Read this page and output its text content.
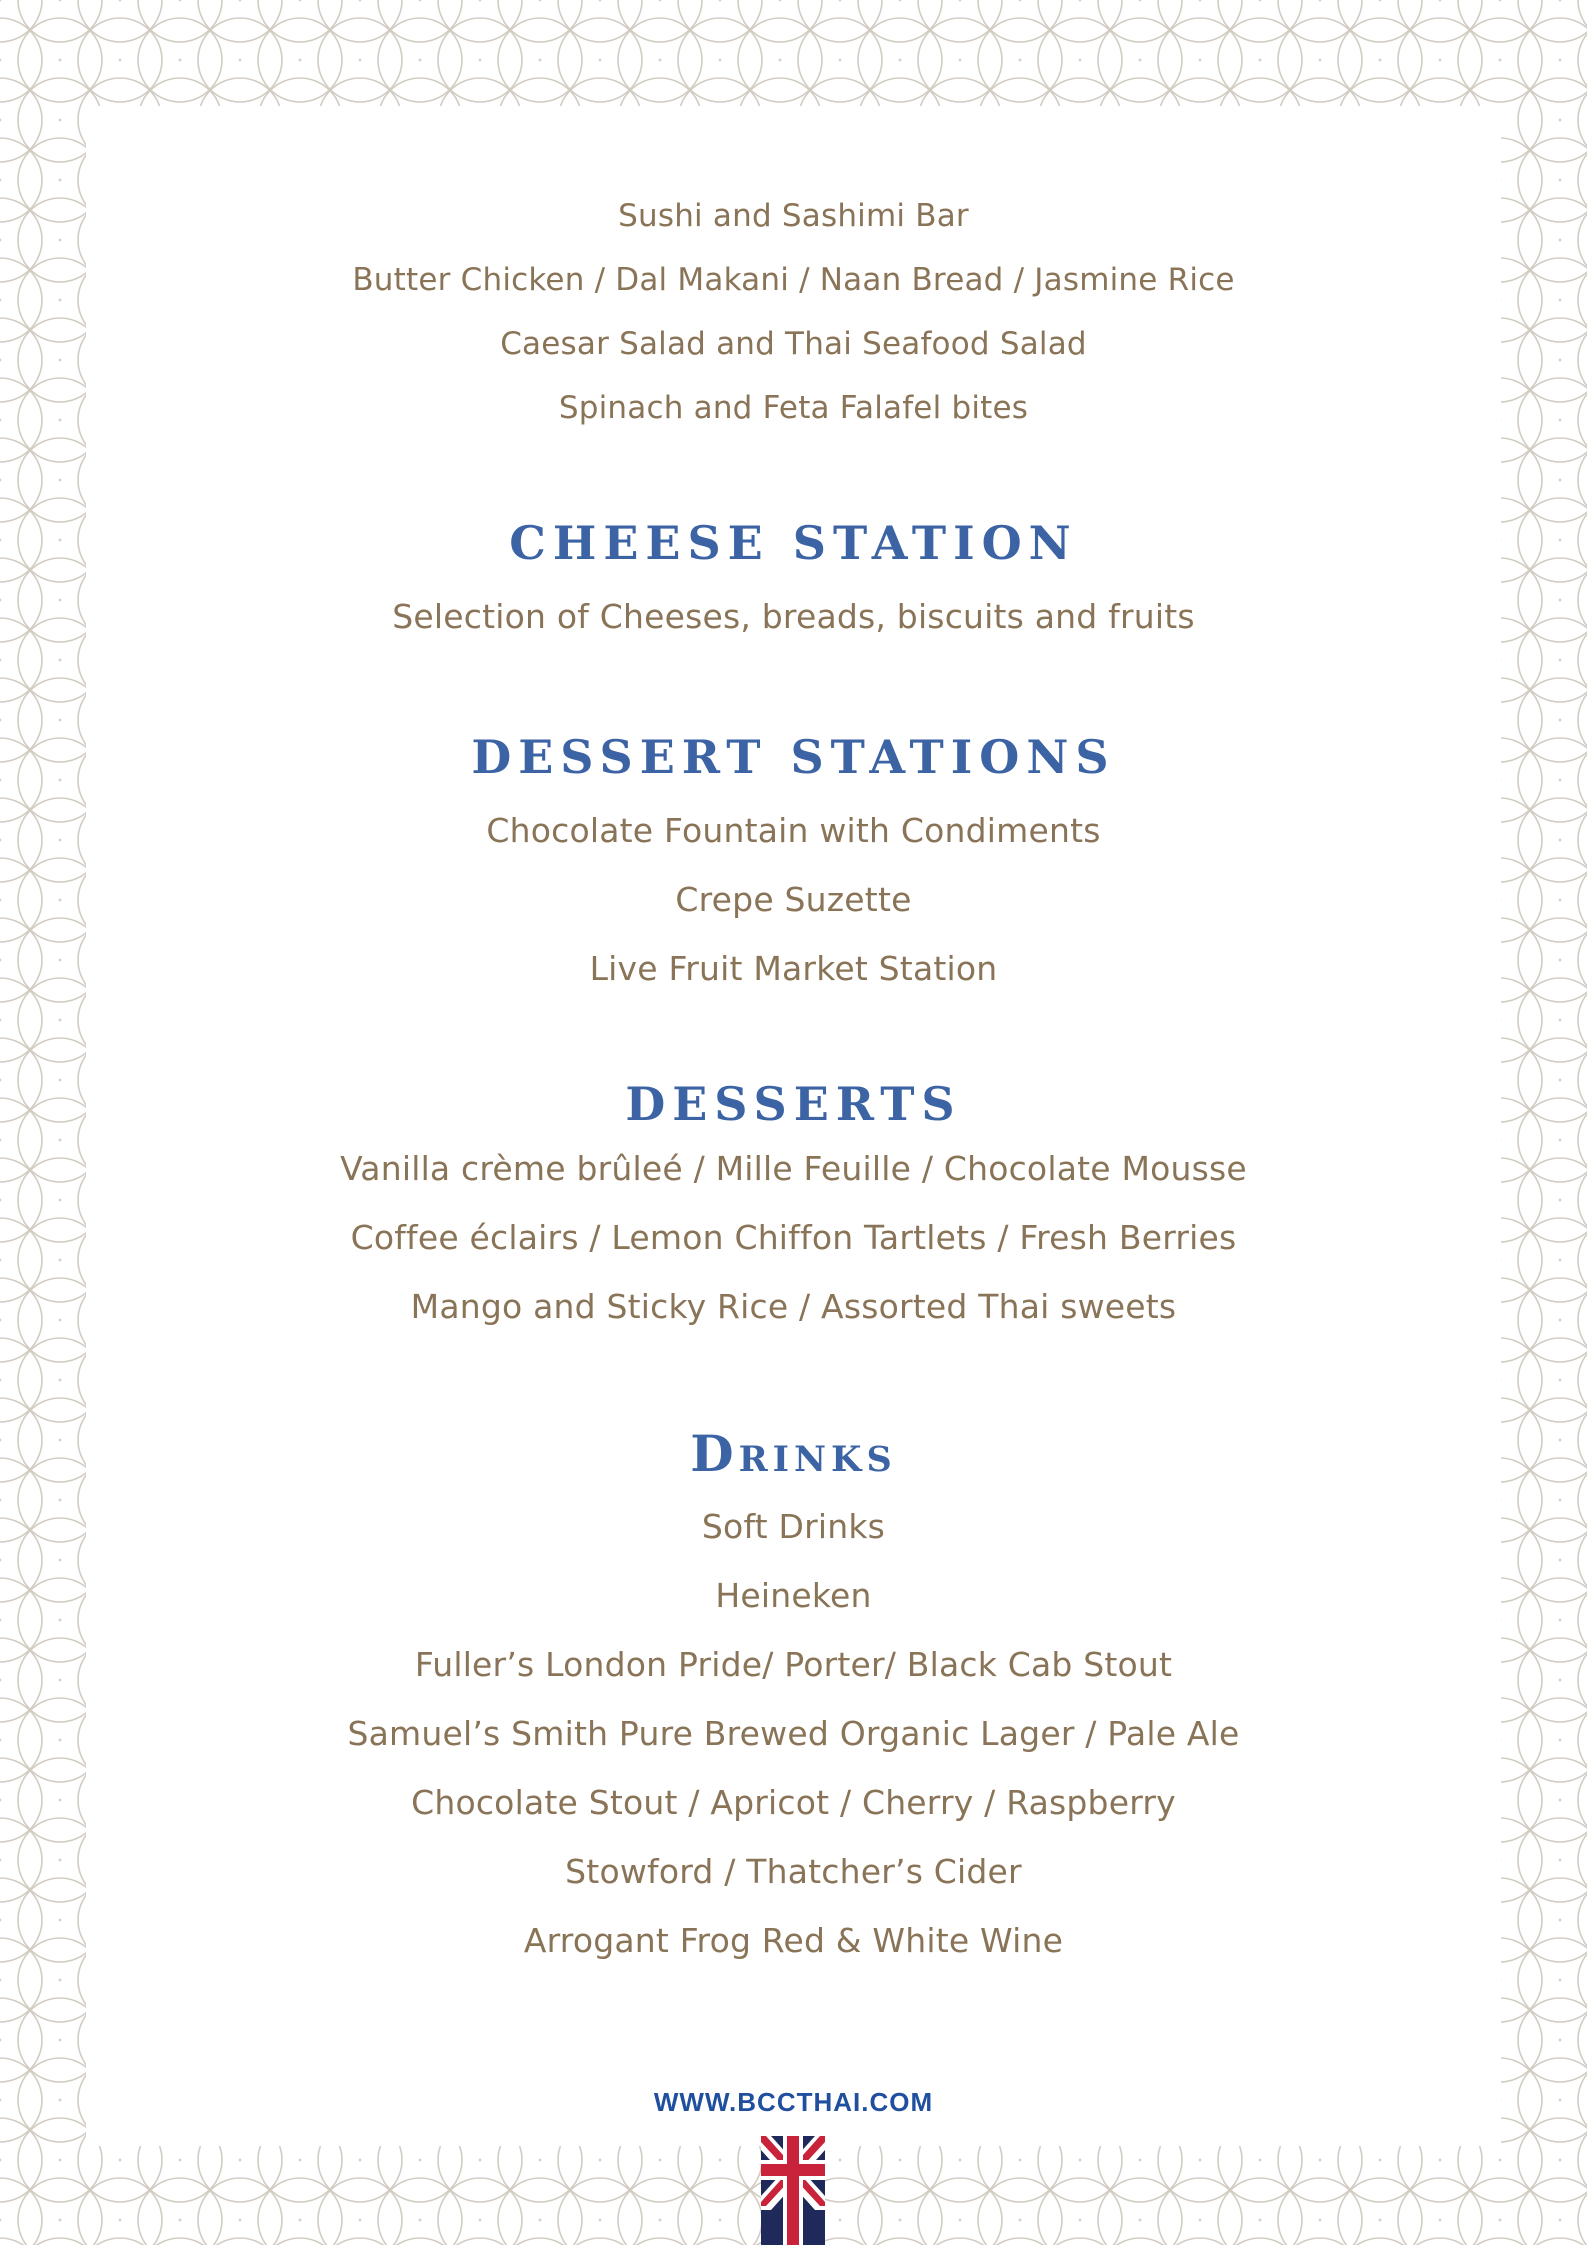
Sushi and Sashimi Bar

Butter Chicken / Dal Makani / Naan Bread / Jasmine Rice

Caesar Salad and Thai Seafood Salad

Spinach and Feta Falafel bites

CHEESE STATION

Selection of Cheeses, breads, biscuits and fruits

DESSERT STATIONS

Chocolate Fountain with Condiments

Crepe Suzette

Live Fruit Market Station

DESSERTS

Vanilla crème brûleé / Mille Feuille / Chocolate Mousse

Coffee éclairs / Lemon Chiffon Tartlets / Fresh Berries

Mango and Sticky Rice / Assorted Thai sweets

Drinks

Soft Drinks

Heineken

Fuller’s London Pride/ Porter/ Black Cab Stout

Samuel’s Smith Pure Brewed Organic Lager / Pale Ale

Chocolate Stout / Apricot / Cherry / Raspberry

Stowford / Thatcher’s Cider

Arrogant Frog Red & White Wine

WWW.BCCTHAI.COM
